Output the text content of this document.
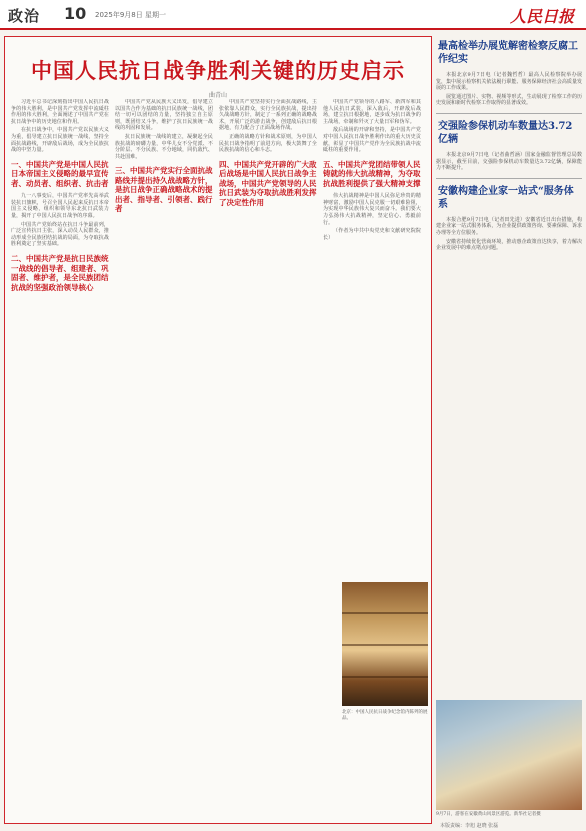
政治 10 2025年9月8日 星期一	人民日报
中国人民抗日战争胜利关键的历史启示
曲青山

习近平总书记深刻指出中国人民抗日战争的伟大胜利，是中国共产党发挥中流砥柱作用的伟大胜利，全面阐述了中国共产党在抗日战争中的历史地位和作用。

在抗日战争中，中国共产党以民族大义为重，倡导建立抗日民族统一战线，坚持全面抗战路线，开辟敌后战场，成为全民族抗战的中坚力量。

一、中国共产党是中国人民抗日本帝国主义侵略的最早宣传者、动员者、组织者、抗击者

九一八事变后，中国共产党率先高举武装抗日旗帜，号召全国人民起来反抗日本帝国主义侵略，组织和领导东北抗日武装力量，揭开了中国人民抗日战争的序幕。

中国共产党始终站在抗日斗争最前列，广泛宣传抗日主张，深入动员人民群众，推动形成全民族团结抗战的局面，为夺取抗战胜利奠定了坚实基础。

二、中国共产党是抗日民族统一战线的倡导者、组建者、巩固者、维护者，是全民族团结抗战的坚强政治领导核心

中国共产党从民族大义出发，倡导建立以国共合作为基础的抗日民族统一战线，团结一切可以团结的力量，坚持独立自主原则，既团结又斗争，维护了抗日民族统一战线的巩固和发展。

抗日民族统一战线的建立，凝聚起全民族抗战的磅礴力量，中华儿女不分党派、不分阶层、不分民族、不分地域，同仇敌忾、共赴国难。

三、中国共产党实行全面抗战路线并提出持久战战略方针，是抗日战争正确战略战术的提出者、指导者、引领者、践行者

中国共产党坚持实行全面抗战路线，主张依靠人民群众，实行全民族抗战，提出持久战战略方针，制定了一系列正确的战略战术，开展广泛的游击战争，创建敌后抗日根据地，有力配合了正面战场作战。

正确的战略方针和战术原则，为中国人民抗日战争指明了前进方向，极大鼓舞了全民族抗战的信心和斗志。

四、中国共产党开辟的广大敌后战场是中国人民抗日战争主战场，中国共产党领导的人民抗日武装为夺取抗战胜利发挥了决定性作用

中国共产党领导的八路军、新四军和其他人民抗日武装，深入敌后，开辟敌后战场，建立抗日根据地，逐步成为抗日战争的主战场，牵制和歼灭了大量日军和伪军。

敌后战场的开辟和坚持，是中国共产党对中国人民抗日战争胜利作出的重大历史贡献，彰显了中国共产党作为全民族抗战中流砥柱的重要作用。

五、中国共产党团结带领人民铸就的伟大抗战精神，为夺取抗战胜利提供了强大精神支撑

伟大抗战精神是中国人民弥足珍贵的精神财富，激励中国人民克服一切艰难险阻，为实现中华民族伟大复兴而奋斗。我们要大力弘扬伟大抗战精神，坚定信心、勇毅前行。

（作者为中共中央党史和文献研究院院长）

北京：中国人民抗日战争纪念馆内陈列的展品。
最高检举办展览解密检察反腐工作纪实

本报北京9月7日电（记者魏哲哲）最高人民检察院举办展览，集中展示检察机关依法履行职能、服务保障经济社会高质量发展的工作成果。

展览通过图片、实物、视频等形式，生动展现了检察工作的历史发展和新时代检察工作取得的显著成效。

交强险参保机动车数量达3.72亿辆

本报北京9月7日电（记者曲哲涵）国家金融监督管理总局数据显示，截至目前，交强险参保机动车数量达3.72亿辆，保障能力不断提升。

安徽构建企业家一站式“服务体系

本报合肥9月7日电（记者田先进）安徽省近日出台措施，构建企业家一站式服务体系，为企业提供政策咨询、要素保障、诉求办理等全方位服务。

安徽省持续优化营商环境，推动惠企政策直达快享，着力解决企业发展中的难点堵点问题。

9月7日，游客在安徽黄山风景区游览。新华社记者摄
本版责编：李旭 赵晓 张磊
